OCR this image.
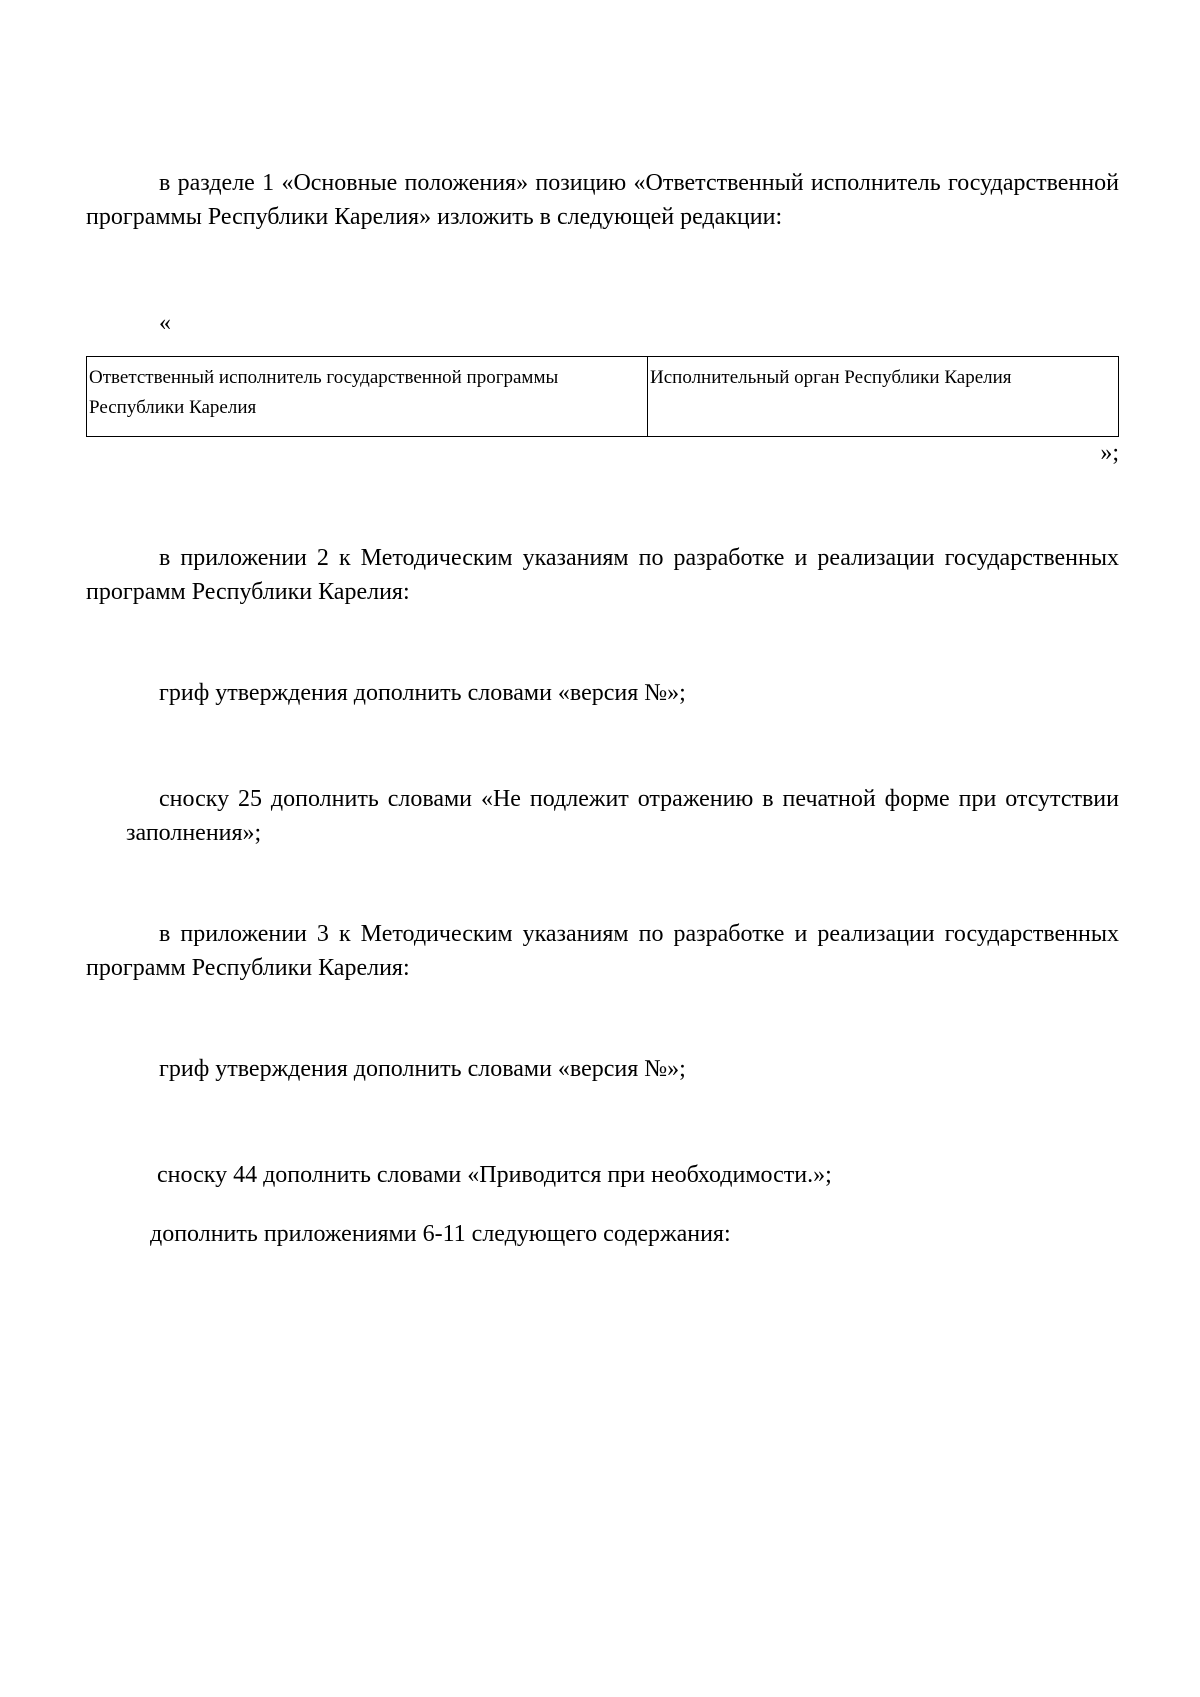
в разделе 1 «Основные положения» позицию «Ответственный исполнитель государственной программы Республики Карелия» изложить в следующей редакции:

«
Ответственный исполнитель государственной программы Республики Карелия	Исполнительный орган Республики Карелия
»;

в приложении 2 к Методическим указаниям по разработке и реализации государственных программ Республики Карелия:

гриф утверждения дополнить словами «версия №»;

сноску 25 дополнить словами «Не подлежит отражению в печатной форме при отсутствии
заполнения»;

в приложении 3 к Методическим указаниям по разработке и реализации государственных программ Республики Карелия:

гриф утверждения дополнить словами «версия №»;

сноску 44 дополнить словами «Приводится при необходимости.»;

дополнить приложениями 6-11 следующего содержания:
